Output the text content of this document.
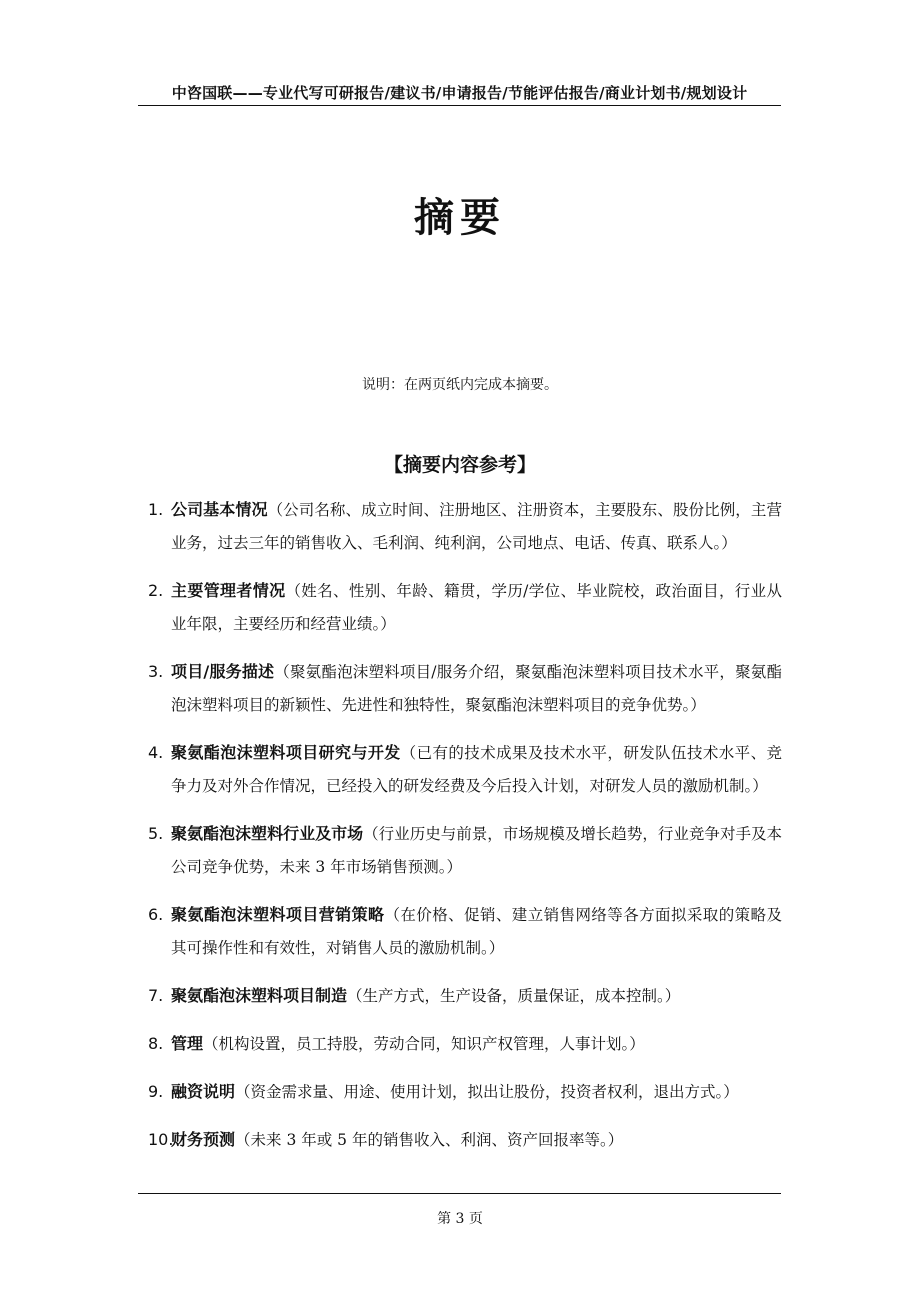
中咨国联——专业代写可研报告/建议书/申请报告/节能评估报告/商业计划书/规划设计
摘要
说明：在两页纸内完成本摘要。
【摘要内容参考】
1. 公司基本情况（公司名称、成立时间、注册地区、注册资本，主要股东、股份比例，主营业务，过去三年的销售收入、毛利润、纯利润，公司地点、电话、传真、联系人。）
2. 主要管理者情况（姓名、性别、年龄、籍贯，学历/学位、毕业院校，政治面目，行业从业年限，主要经历和经营业绩。）
3. 项目/服务描述（聚氨酯泡沫塑料项目/服务介绍，聚氨酯泡沫塑料项目技术水平，聚氨酯泡沫塑料项目的新颖性、先进性和独特性，聚氨酯泡沫塑料项目的竞争优势。）
4. 聚氨酯泡沫塑料项目研究与开发（已有的技术成果及技术水平，研发队伍技术水平、竞争力及对外合作情况，已经投入的研发经费及今后投入计划，对研发人员的激励机制。）
5. 聚氨酯泡沫塑料行业及市场（行业历史与前景，市场规模及增长趋势，行业竞争对手及本公司竞争优势，未来 3 年市场销售预测。）
6. 聚氨酯泡沫塑料项目营销策略（在价格、促销、建立销售网络等各方面拟采取的策略及其可操作性和有效性，对销售人员的激励机制。）
7. 聚氨酯泡沫塑料项目制造（生产方式，生产设备，质量保证，成本控制。）
8. 管理（机构设置，员工持股，劳动合同，知识产权管理，人事计划。）
9. 融资说明（资金需求量、用途、使用计划，拟出让股份，投资者权利，退出方式。）
10.
财务预测（未来 3 年或 5 年的销售收入、利润、资产回报率等。）
第 3 页
